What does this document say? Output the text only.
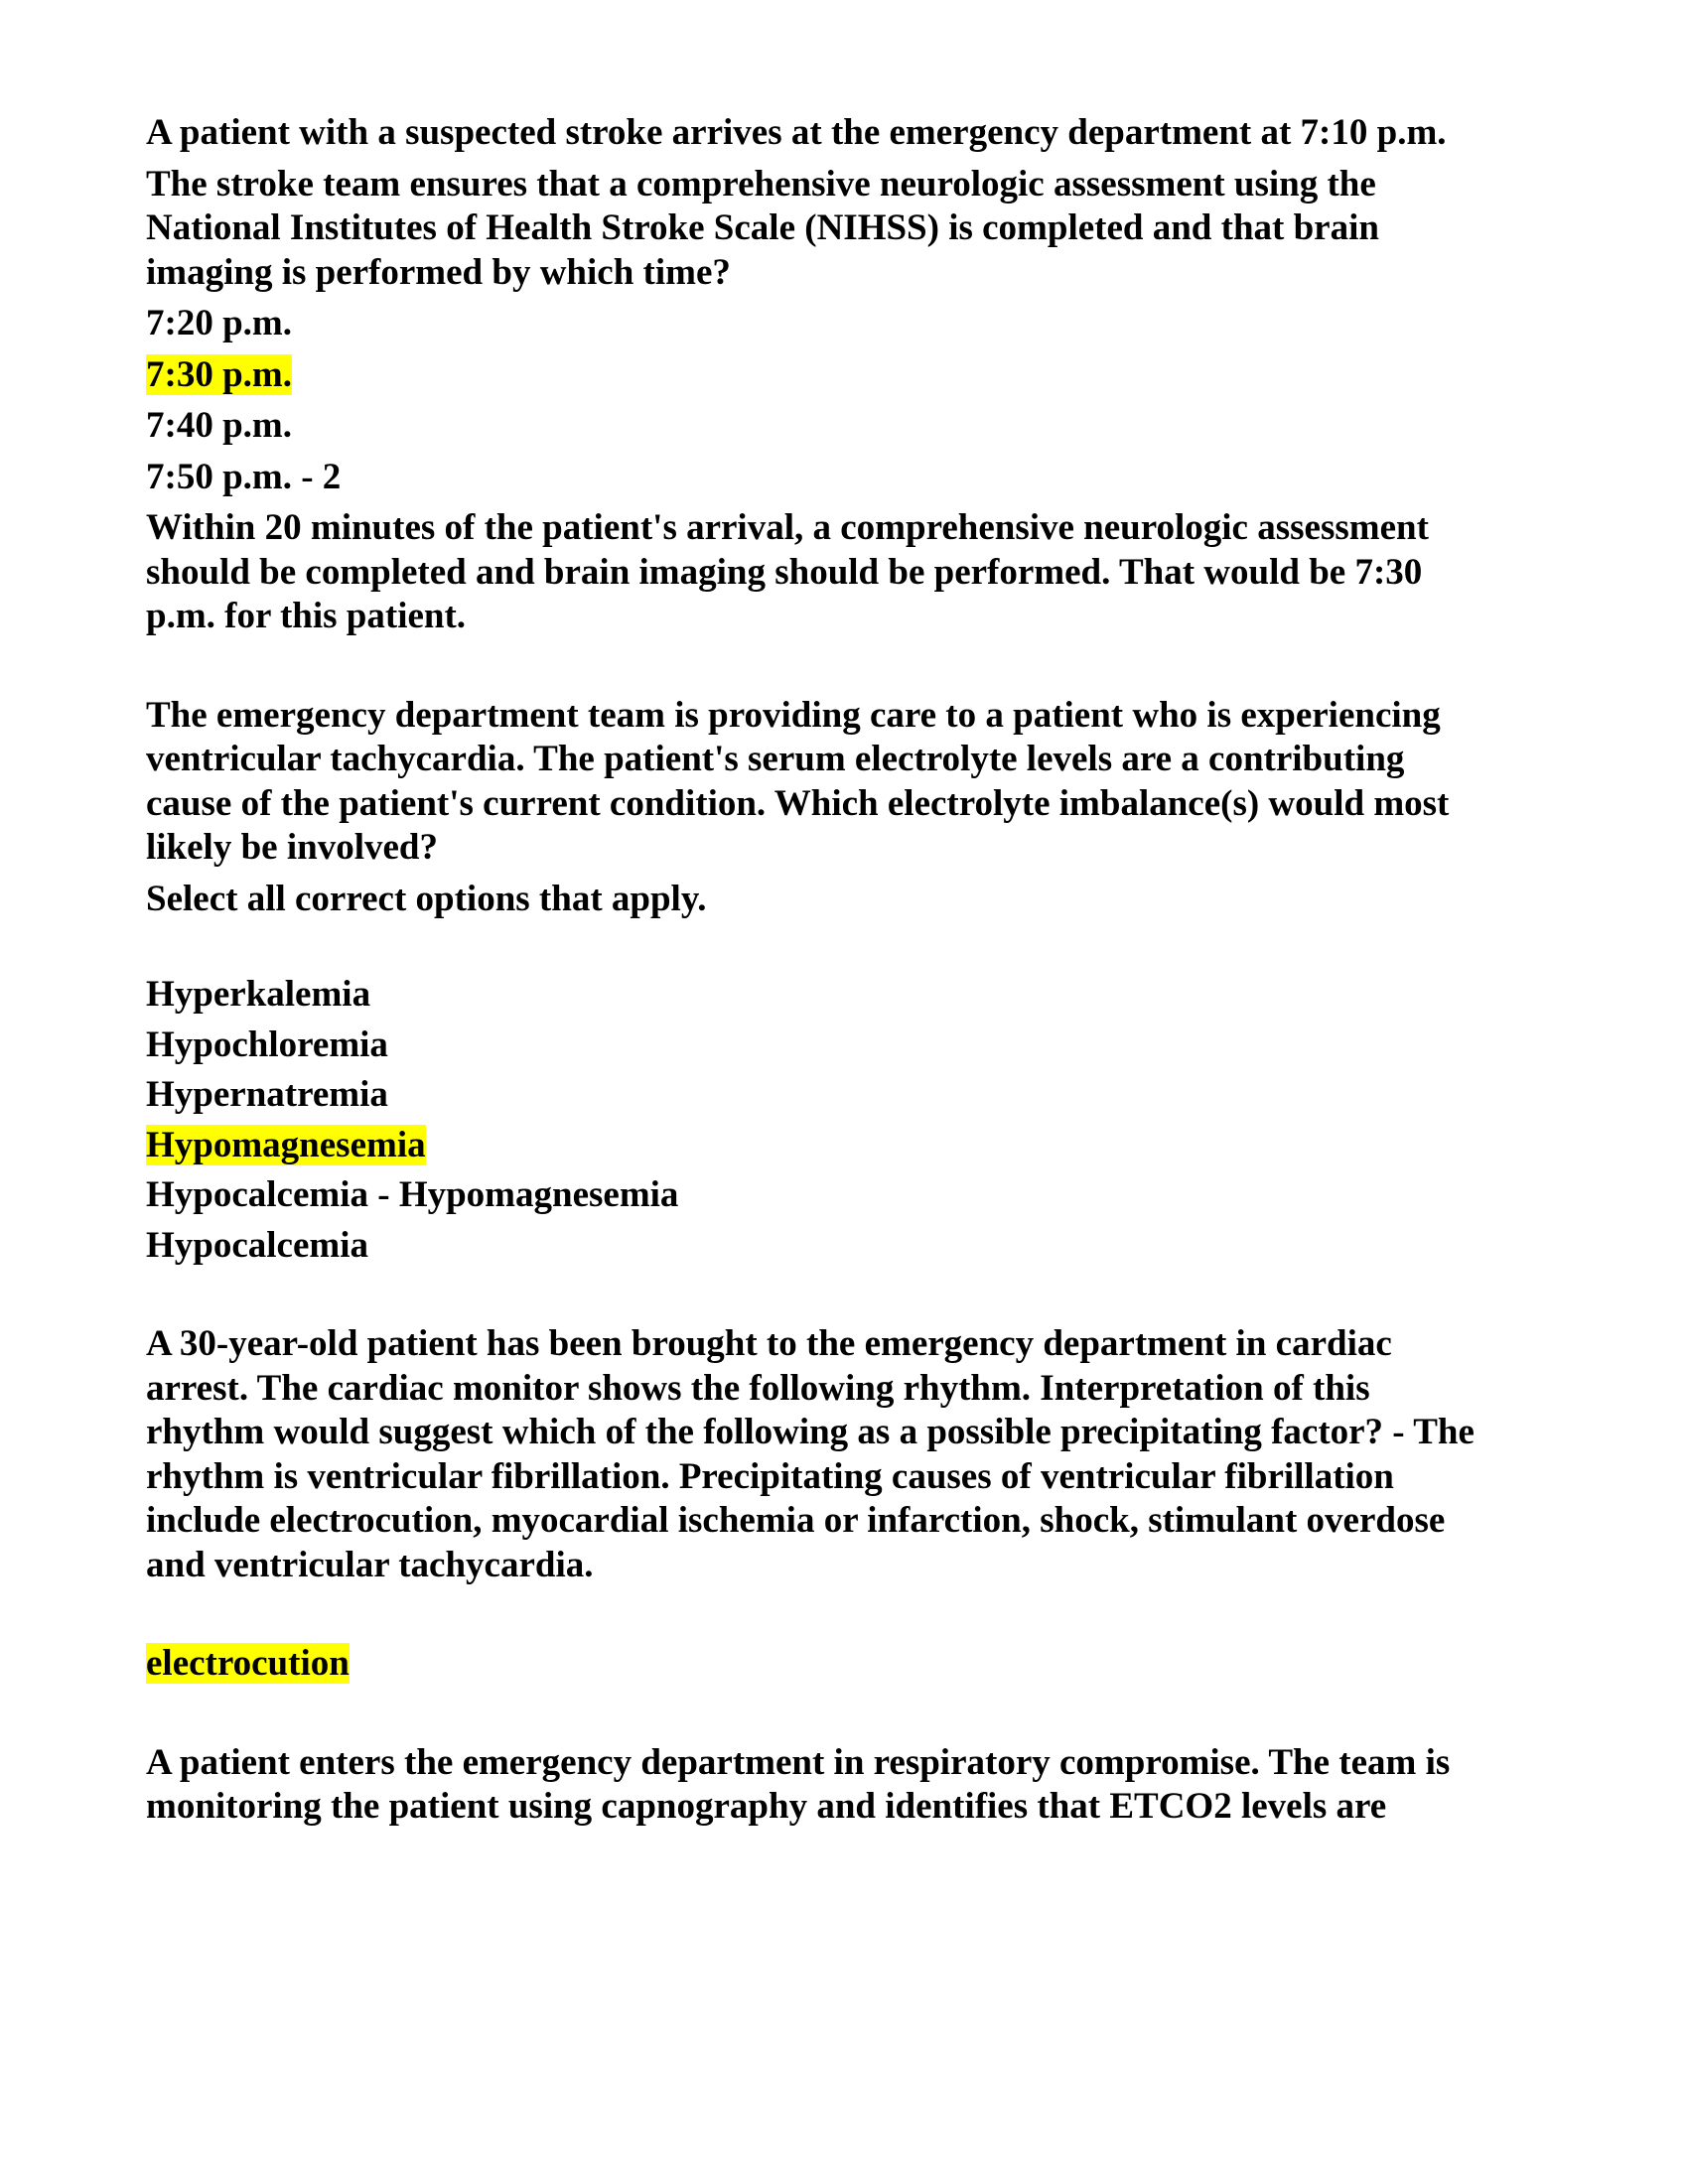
A patient with a suspected stroke arrives at the emergency department at 7:10 p.m.

The stroke team ensures that a comprehensive neurologic assessment using the National Institutes of Health Stroke Scale (NIHSS) is completed and that brain imaging is performed by which time?

7:20 p.m.

7:30 p.m.

7:40 p.m.

7:50 p.m. - 2

Within 20 minutes of the patient's arrival, a comprehensive neurologic assessment should be completed and brain imaging should be performed. That would be 7:30 p.m. for this patient.

The emergency department team is providing care to a patient who is experiencing ventricular tachycardia. The patient's serum electrolyte levels are a contributing cause of the patient's current condition. Which electrolyte imbalance(s) would most likely be involved?

Select all correct options that apply.

Hyperkalemia

Hypochloremia

Hypernatremia

Hypomagnesemia

Hypocalcemia - Hypomagnesemia

Hypocalcemia

A 30-year-old patient has been brought to the emergency department in cardiac arrest. The cardiac monitor shows the following rhythm. Interpretation of this rhythm would suggest which of the following as a possible precipitating factor? - The rhythm is ventricular fibrillation. Precipitating causes of ventricular fibrillation include electrocution, myocardial ischemia or infarction, shock, stimulant overdose and ventricular tachycardia.

electrocution

A patient enters the emergency department in respiratory compromise. The team is monitoring the patient using capnography and identifies that ETCO2 levels are
